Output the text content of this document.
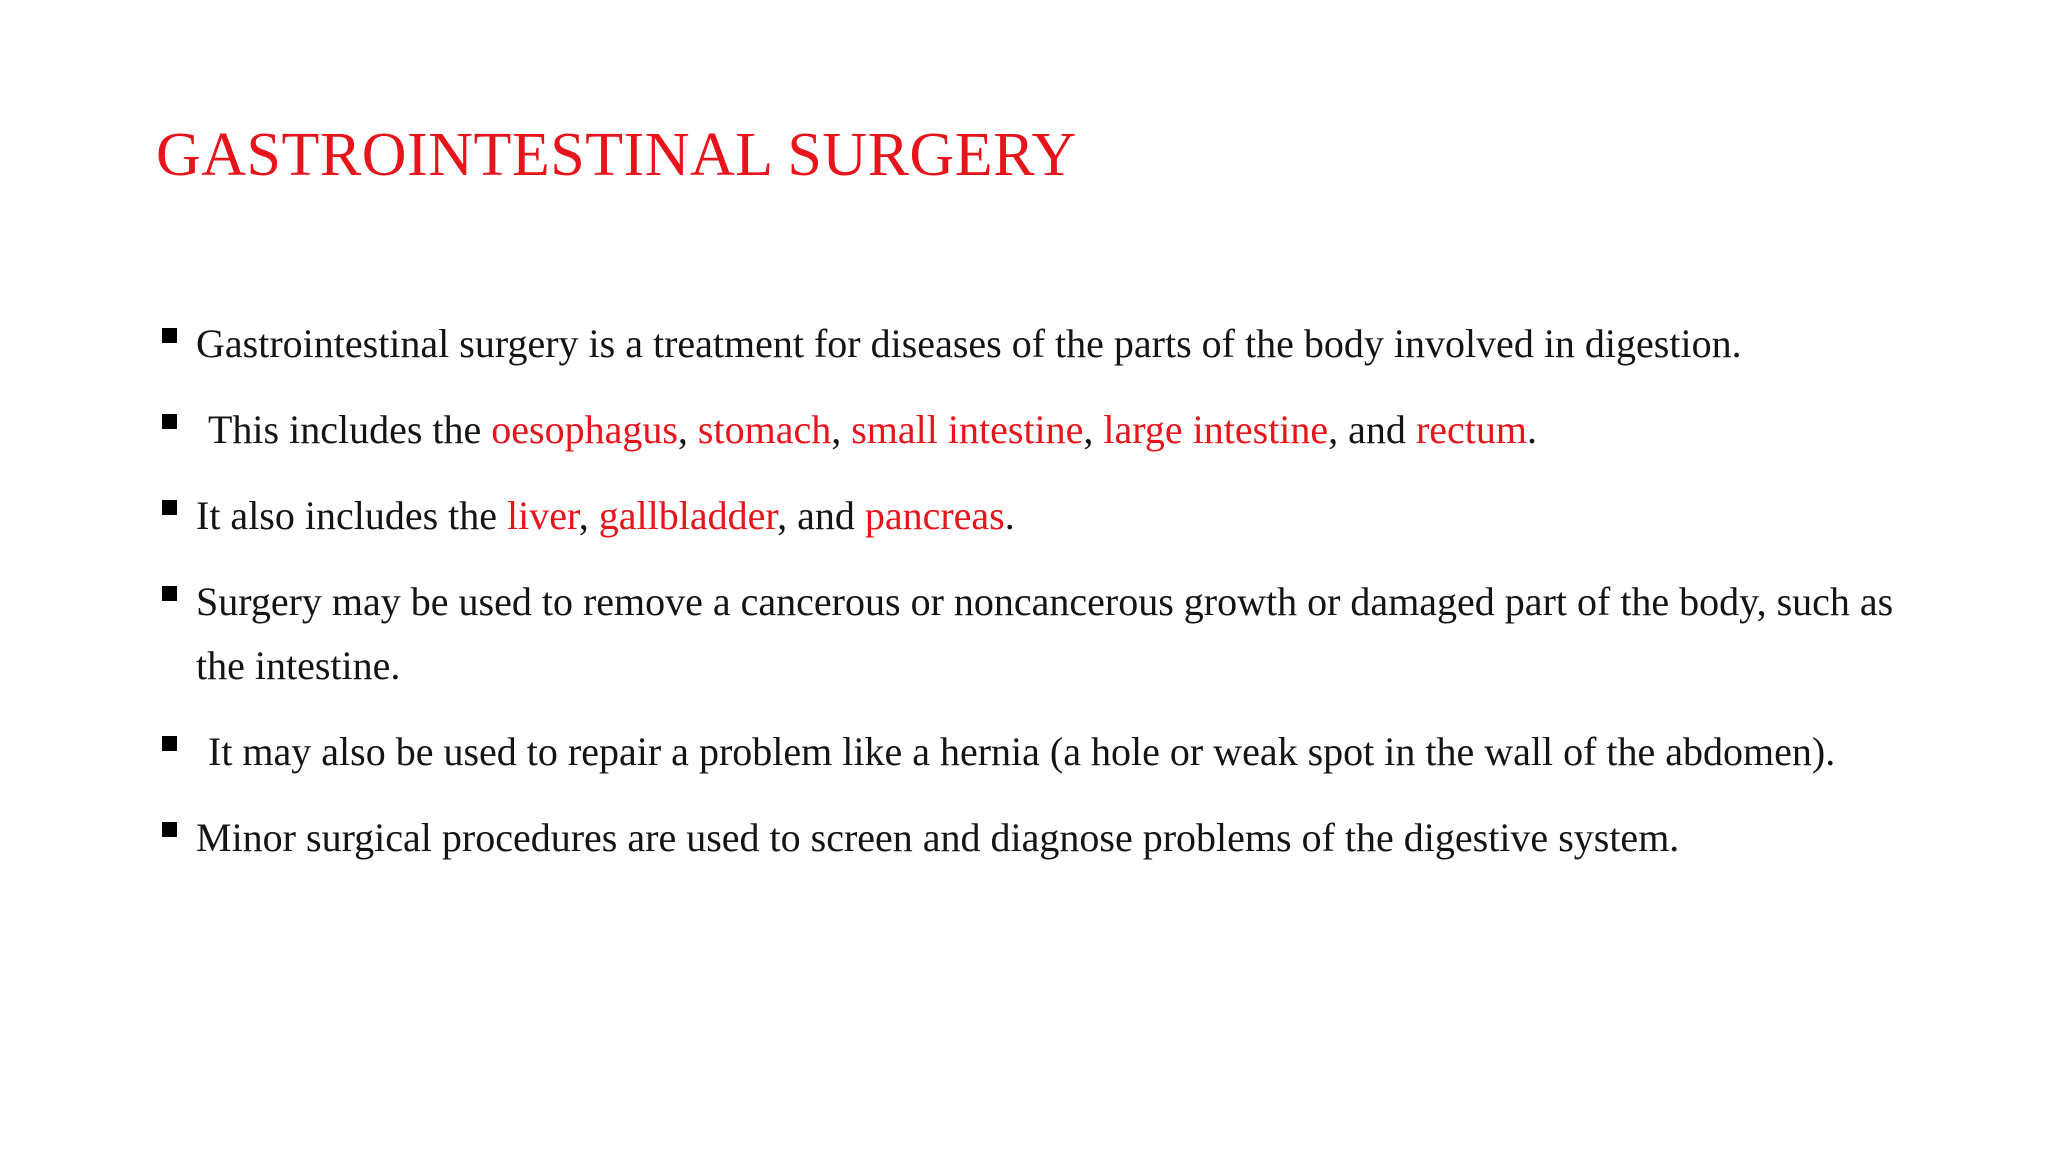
GASTROINTESTINAL SURGERY
Gastrointestinal surgery is a treatment for diseases of the parts of the body involved in digestion.
This includes the oesophagus, stomach, small intestine, large intestine, and rectum.
It also includes the liver, gallbladder, and pancreas.
Surgery may be used to remove a cancerous or noncancerous growth or damaged part of the body, such as the intestine.
It may also be used to repair a problem like a hernia (a hole or weak spot in the wall of the abdomen).
Minor surgical procedures are used to screen and diagnose problems of the digestive system.
